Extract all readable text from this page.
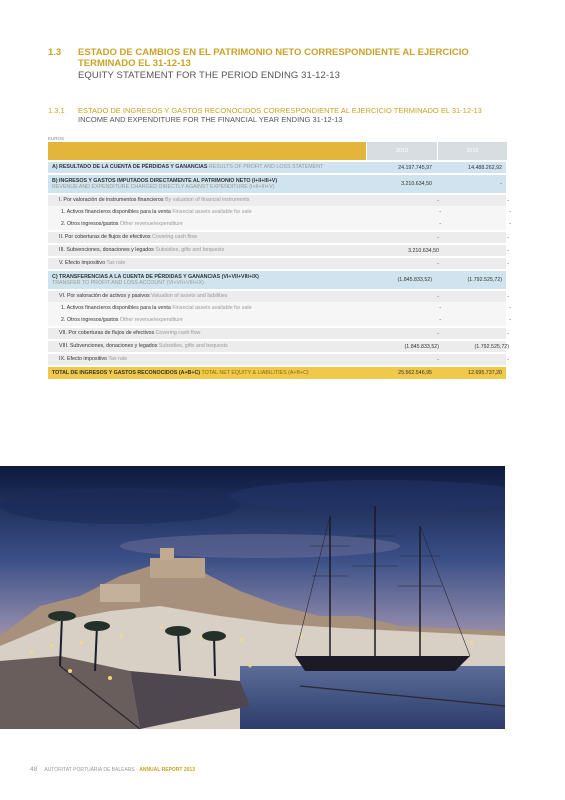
1.3 ESTADO DE CAMBIOS EN EL PATRIMONIO NETO CORRESPONDIENTE AL EJERCICIO TERMINADO EL 31-12-13
EQUITY STATEMENT FOR THE PERIOD ENDING 31-12-13
1.3.1 ESTADO DE INGRESOS Y GASTOS RECONOCIDOS CORRESPONDIENTE AL EJERCICIO TERMINADO EL 31-12-13
INCOME AND EXPENDITURE FOR THE FINANCIAL YEAR ENDING 31-12-13
EUROS
2013	2012
A) RESULTADO DE LA CUENTA DE PÉRDIDAS Y GANANCIAS RESULTS OF PROFIT AND LOSS STATEMENT	24.197.745,97	14.488.262,92
B) INGRESOS Y GASTOS IMPUTADOS DIRECTAMENTE AL PATRIMONIO NETO (I+II+III+V)
REVENUE AND EXPENDITURE CHARGED DIRECTLY AGAINST EXPENDITURE (I+II+III+V)	3.210.634,50	-
I. Por valoración de instrumentos financieros By valuation of financial instruments	-	-
1. Activos financieros disponibles para la venta Financial assets available for sale	-	-
2. Otros ingresos/gastos Other revenue/expenditure	-	-
II. Por coberturas de flujos de efectivos Covering cash flow	-	-
III. Subvenciones, donaciones y legados Subsidies, gifts and bequests	3.210.634,50	-
V. Efecto impositivo Tax rate	-	-
C) TRANSFERENCIAS A LA CUENTA DE PÉRDIDAS Y GANANCIAS (VI+VII+VIII+IX)
TRANSFER TO PROFIT AND LOSS ACCOUNT (VI+VII+VIII+IX)	(1.845.833,52)	(1.792.525,72)
VI. Por valoración de activos y pasivos Valuation of assets and liabilities	-	-
1. Activos financieros disponibles para la venta Financial assets available for sale	-	-
2. Otros ingresos/gastos Other revenue/expenditure	-	-
VII. Por coberturas de flujos de efectivos Covering cash flow	-	-
VIII. Subvenciones, donaciones y legados Subsidies, gifts and bequests	(1.845.833,52)	(1.792.525,72)
IX. Efecto impositivo Tax rate	-	-
TOTAL DE INGRESOS Y GASTOS RECONOCIDOS (A+B+C) TOTAL NET EQUITY & LIABILITIES (A+B+C)	25.562.546,95	12.695.737,20
48 AUTORITAT PORTUÀRIA DE BALEARS · ANNUAL REPORT 2013
